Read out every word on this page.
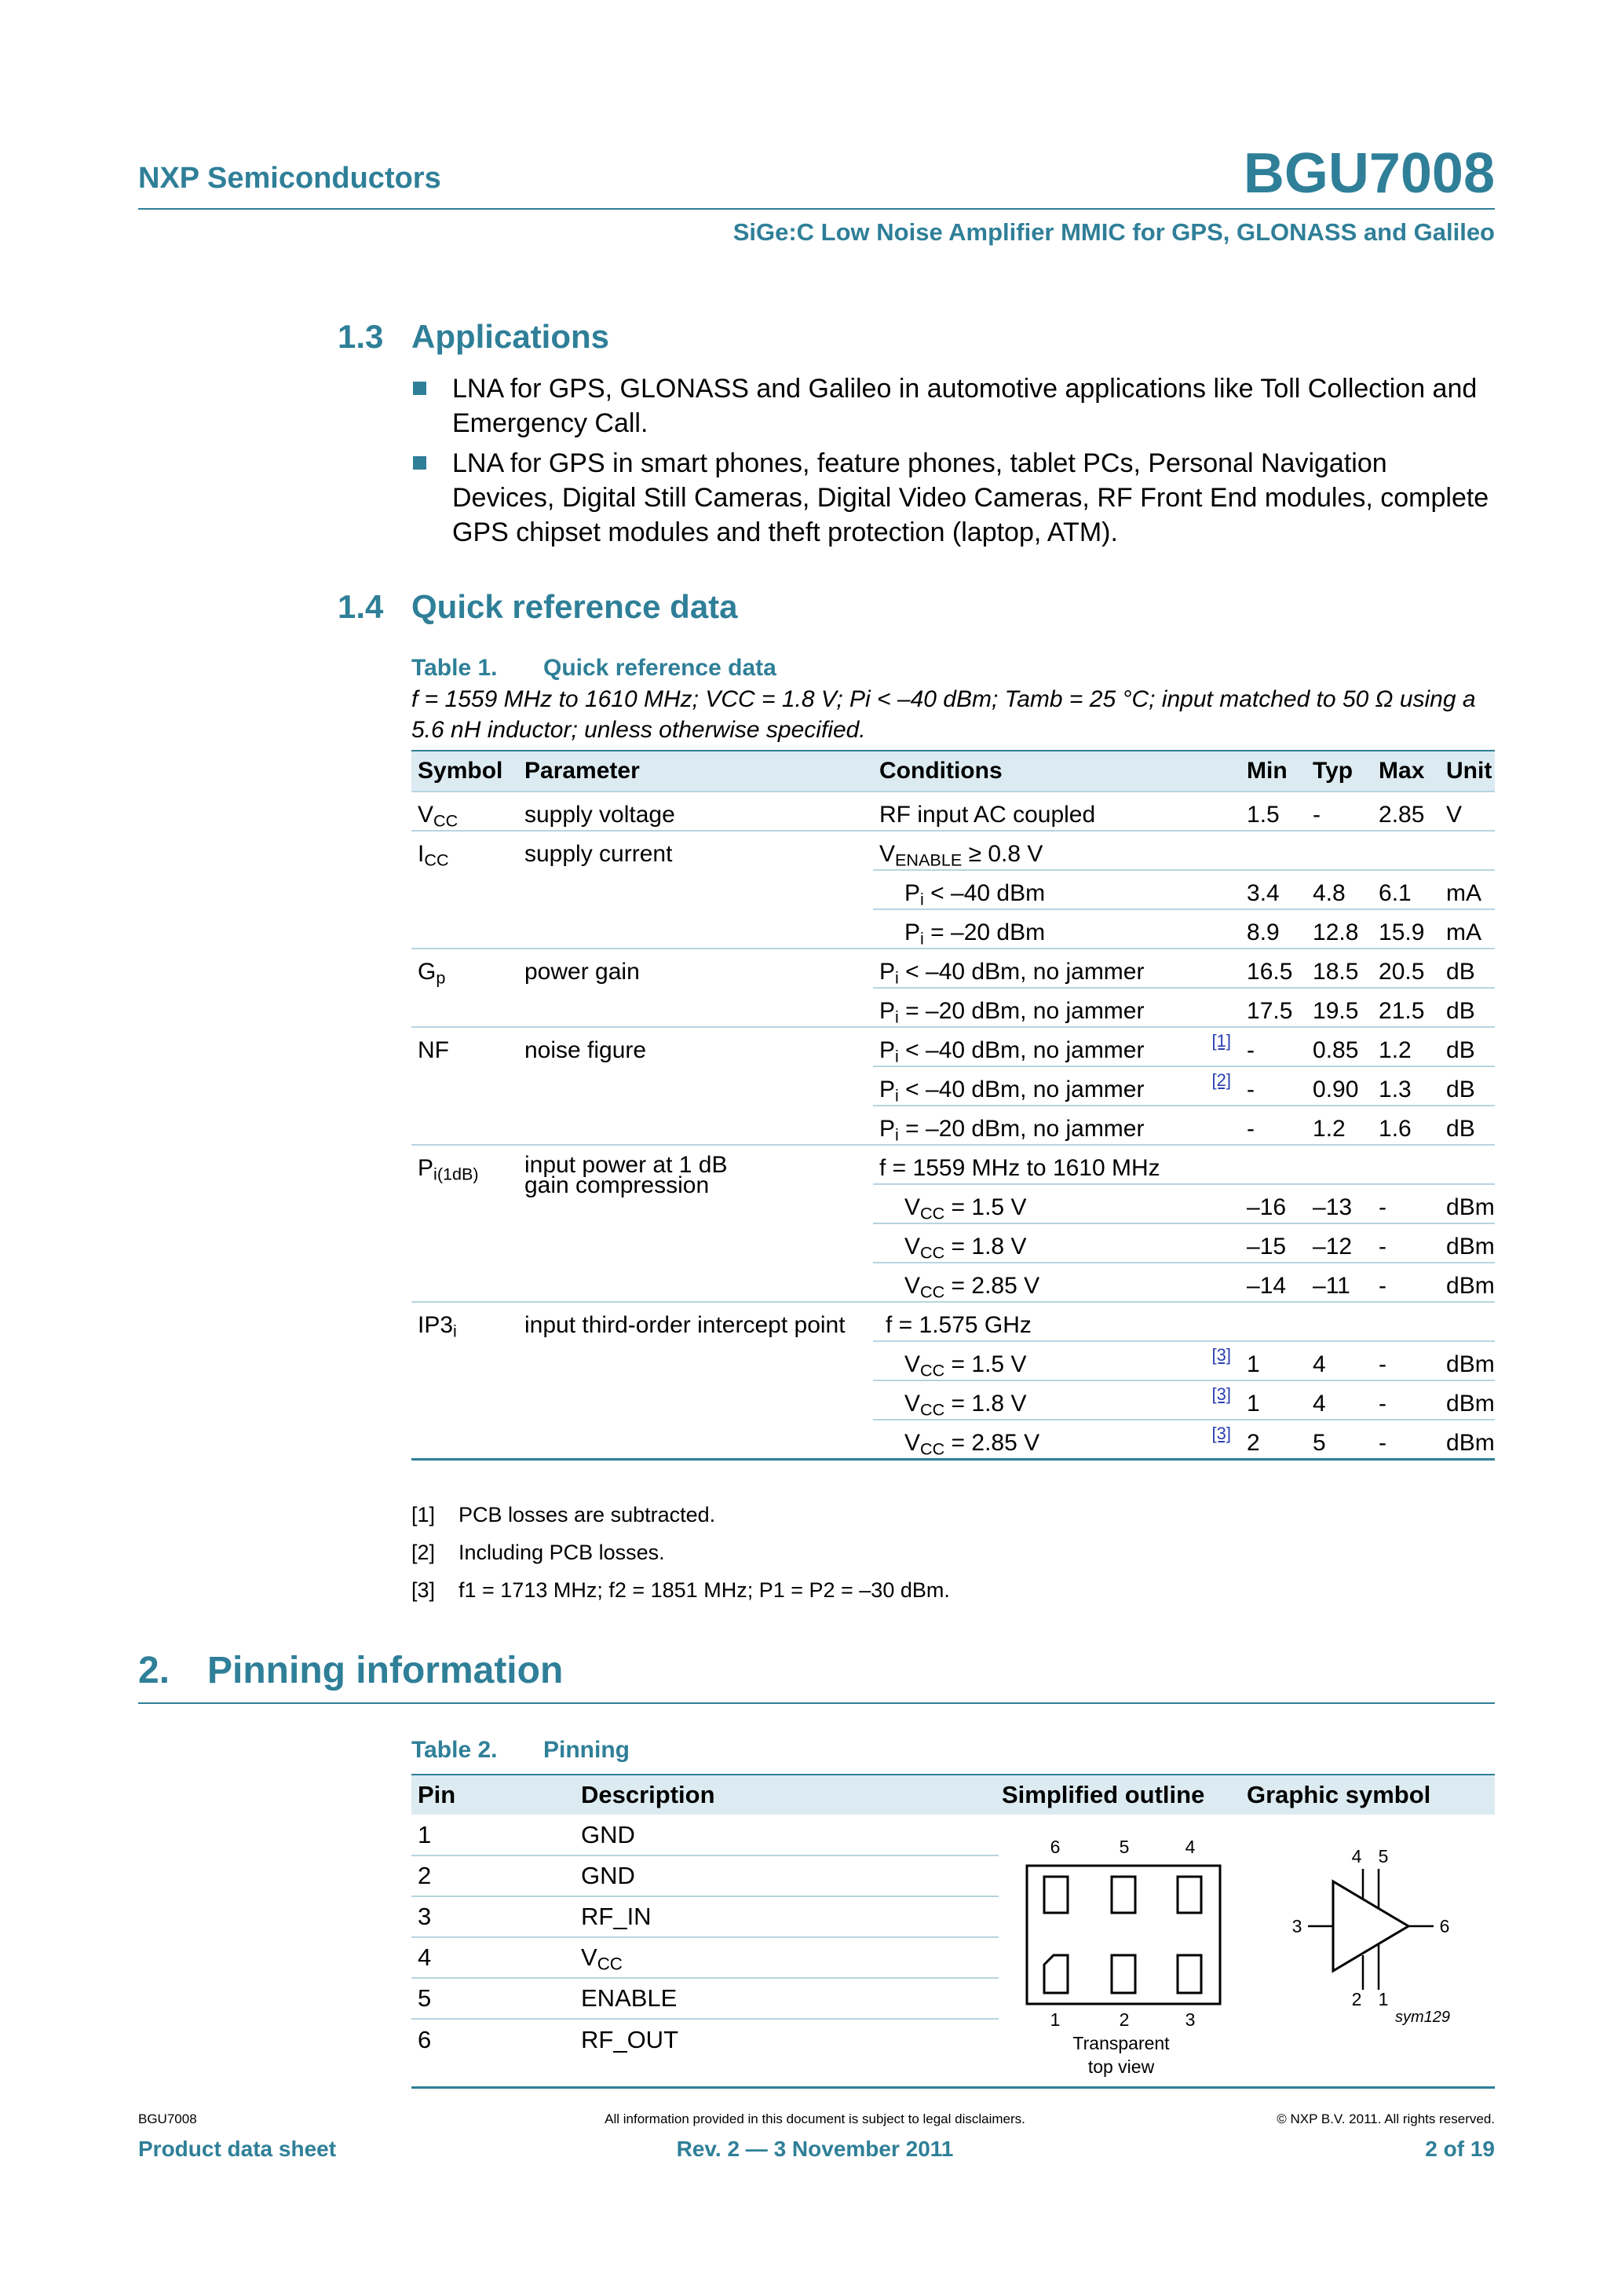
NXP Semiconductors	BGU7008
SiGe:C Low Noise Amplifier MMIC for GPS, GLONASS and Galileo
1.3 Applications
LNA for GPS, GLONASS and Galileo in automotive applications like Toll Collection and Emergency Call.
LNA for GPS in smart phones, feature phones, tablet PCs, Personal Navigation Devices, Digital Still Cameras, Digital Video Cameras, RF Front End modules, complete GPS chipset modules and theft protection (laptop, ATM).
1.4 Quick reference data
Table 1. Quick reference data
f = 1559 MHz to 1610 MHz; VCC = 1.8 V; Pi < –40 dBm; Tamb = 25 °C; input matched to 50 Ω using a 5.6 nH inductor; unless otherwise specified.
Symbol	Parameter	Conditions		Min	Typ	Max	Unit
$V_{CC}$	supply voltage	RF input AC coupled		1.5	-	2.85	V
$I_{CC}$	supply current	$V_{ENABLE} \ge 0.8$ V					
		$P_i < -40$ dBm		3.4	4.8	6.1	mA
		$P_i = -20$ dBm		8.9	12.8	15.9	mA
$G_p$	power gain	$P_i < -40$ dBm, no jammer		16.5	18.5	20.5	dB
		$P_i = -20$ dBm, no jammer		17.5	19.5	21.5	dB
NF	noise figure	$P_i < -40$ dBm, no jammer	[1]	-	0.85	1.2	dB
		$P_i < -40$ dBm, no jammer	[2]	-	0.90	1.3	dB
		$P_i = -20$ dBm, no jammer		-	1.2	1.6	dB
$P_{i(1dB)}$	input power at 1 dB
gain compression	f = 1559 MHz to 1610 MHz					
		$V_{CC} = 1.5$ V		–16	–13	-	dBm
		$V_{CC} = 1.8$ V		–15	–12	-	dBm
		$V_{CC} = 2.85$ V		–14	–11	-	dBm
$IP3_i$	input third-order intercept point	f = 1.575 GHz					
		$V_{CC} = 1.5$ V	[3]	1	4	-	dBm
		$V_{CC} = 1.8$ V	[3]	1	4	-	dBm
		$V_{CC} = 2.85$ V	[3]	2	5	-	dBm
[1] PCB losses are subtracted.
[2] Including PCB losses.
[3] f1 = 1713 MHz; f2 = 1851 MHz; P1 = P2 = –30 dBm.
2. Pinning information
Table 2. Pinning
Pin	Description	Simplified outline	Graphic symbol
1	GND		
2	GND		
3	RF_IN		
4	$V_{CC}$
5	ENABLE		
6	RF_OUT		
6	5	4
1	2	3
Transparent
top view
4 5
3	6
2 1
sym129
BGU7008	All information provided in this document is subject to legal disclaimers.	© NXP B.V. 2011. All rights reserved.
Product data sheet	Rev. 2 — 3 November 2011	2 of 19
